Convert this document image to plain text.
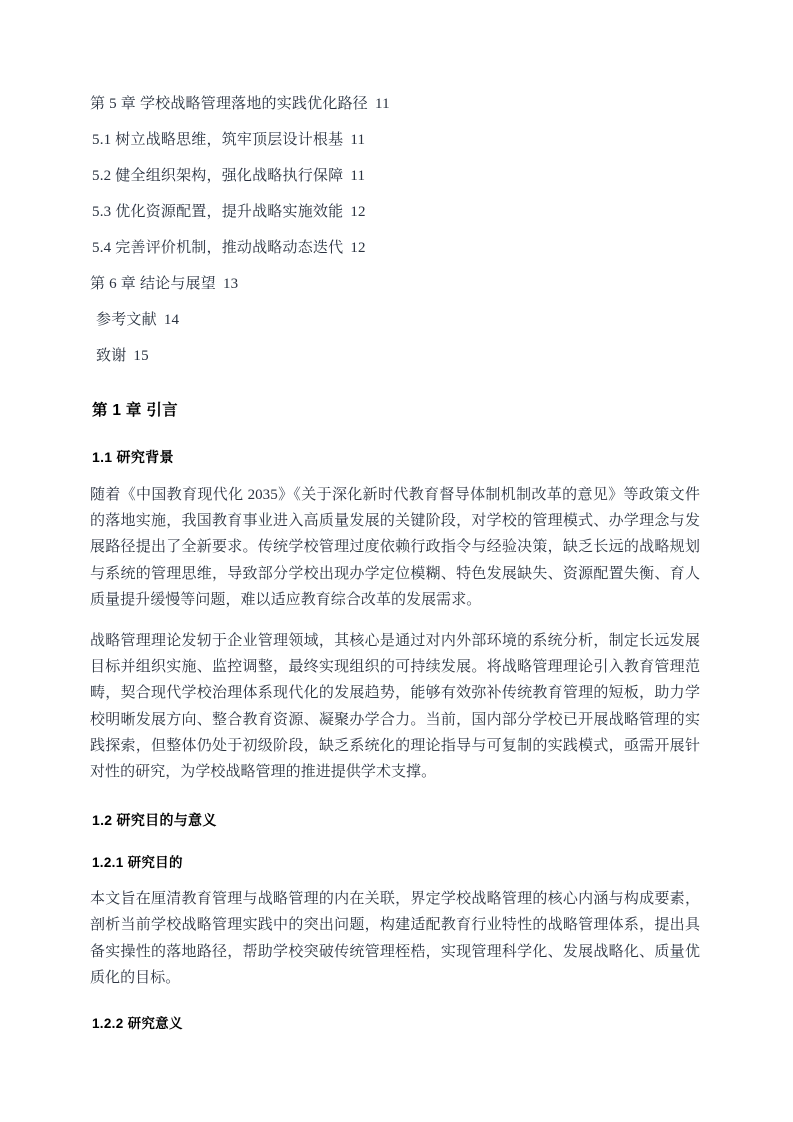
第 5 章 学校战略管理落地的实践优化路径 11
5.1 树立战略思维，筑牢顶层设计根基 11
5.2 健全组织架构，强化战略执行保障 11
5.3 优化资源配置，提升战略实施效能 12
5.4 完善评价机制，推动战略动态迭代 12
第 6 章 结论与展望 13
参考文献 14
致谢 15
第 1 章 引言
1.1 研究背景

随着《中国教育现代化 2035》《关于深化新时代教育督导体制机制改革的意见》等政策文件的落地实施，我国教育事业进入高质量发展的关键阶段，对学校的管理模式、办学理念与发展路径提出了全新要求。传统学校管理过度依赖行政指令与经验决策，缺乏长远的战略规划与系统的管理思维，导致部分学校出现办学定位模糊、特色发展缺失、资源配置失衡、育人质量提升缓慢等问题，难以适应教育综合改革的发展需求。

战略管理理论发轫于企业管理领域，其核心是通过对内外部环境的系统分析，制定长远发展目标并组织实施、监控调整，最终实现组织的可持续发展。将战略管理理论引入教育管理范畴，契合现代学校治理体系现代化的发展趋势，能够有效弥补传统教育管理的短板，助力学校明晰发展方向、整合教育资源、凝聚办学合力。当前，国内部分学校已开展战略管理的实践探索，但整体仍处于初级阶段，缺乏系统化的理论指导与可复制的实践模式，亟需开展针对性的研究，为学校战略管理的推进提供学术支撑。

1.2 研究目的与意义
1.2.1 研究目的

本文旨在厘清教育管理与战略管理的内在关联，界定学校战略管理的核心内涵与构成要素，剖析当前学校战略管理实践中的突出问题，构建适配教育行业特性的战略管理体系，提出具备实操性的落地路径，帮助学校突破传统管理桎梏，实现管理科学化、发展战略化、质量优质化的目标。

1.2.2 研究意义
